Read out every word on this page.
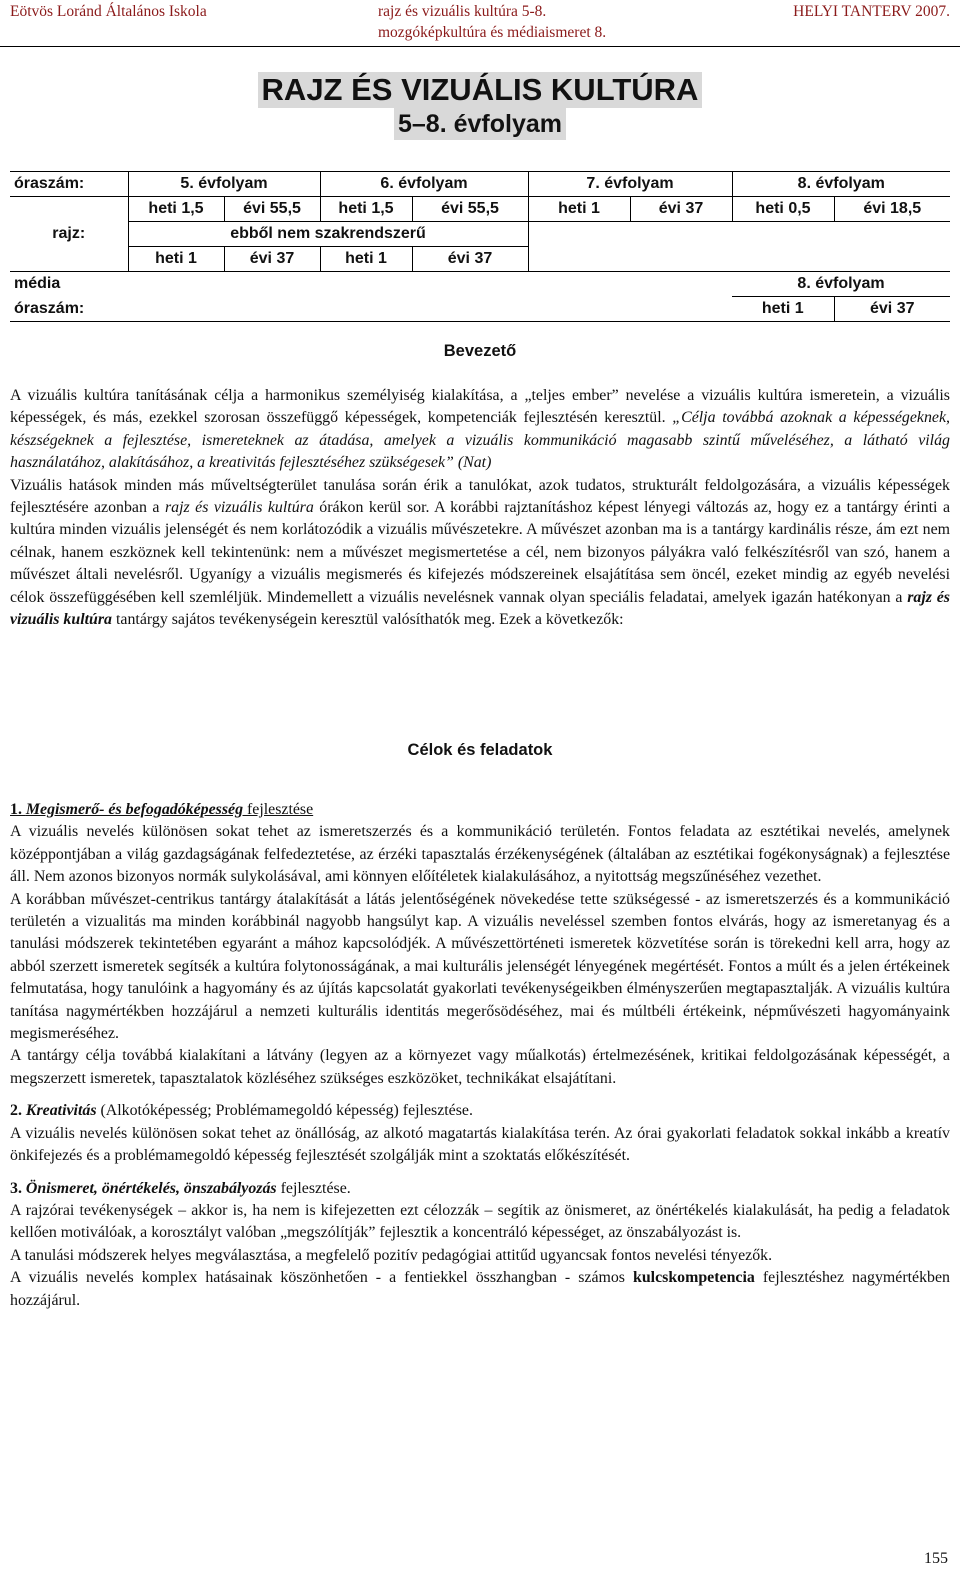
Eötvös Loránd Általános Iskola	rajz és vizuális kultúra 5-8.
mozgóképkultúra és médiaismeret 8.
HELYI TANTERV 2007.
RAJZ ÉS VIZUÁLIS KULTÚRA
5–8. évfolyam
óraszám:	5. évfolyam		6. évfolyam		7. évfolyam		8. évfolyam	
rajz:	heti 1,5	évi 55,5	heti 1,5	évi 55,5	heti 1	évi 37	heti 0,5	évi 18,5
	ebből nem szakrendszerű							
	heti 1	évi 37	heti 1	évi 37				
média							8. évfolyam	
óraszám:							heti 1	évi 37
Bevezető

A vizuális kultúra tanításának célja a harmonikus személyiség kialakítása, a „teljes ember” nevelése a vizuális kultúra ismeretein, a vizuális képességek, és más, ezekkel szorosan összefüggő képességek, kompetenciák fejlesztésén keresztül. „Célja továbbá azoknak a képességeknek, készségeknek a fejlesztése, ismereteknek az átadása, amelyek a vizuális kommunikáció magasabb szintű műveléséhez, a látható világ használatához, alakításához, a kreativitás fejlesztéséhez szükségesek” (Nat)

Vizuális hatások minden más műveltségterület tanulása során érik a tanulókat, azok tudatos, strukturált feldolgozására, a vizuális képességek fejlesztésére azonban a rajz és vizuális kultúra órákon kerül sor. A korábbi rajztanításhoz képest lényegi változás az, hogy ez a tantárgy érinti a kultúra minden vizuális jelenségét és nem korlátozódik a vizuális művészetekre. A művészet azonban ma is a tantárgy kardinális része, ám ezt nem célnak, hanem eszköznek kell tekintenünk: nem a művészet megismertetése a cél, nem bizonyos pályákra való felkészítésről van szó, hanem a művészet általi nevelésről. Ugyanígy a vizuális megismerés és kifejezés módszereinek elsajátítása sem öncél, ezeket mindig az egyéb nevelési célok összefüggésében kell szemléljük. Mindemellett a vizuális nevelésnek vannak olyan speciális feladatai, amelyek igazán hatékonyan a rajz és vizuális kultúra tantárgy sajátos tevékenységein keresztül valósíthatók meg. Ezek a következők:

Célok és feladatok

1. Megismerő- és befogadóképesség fejlesztése

A vizuális nevelés különösen sokat tehet az ismeretszerzés és a kommunikáció területén. Fontos feladata az esztétikai nevelés, amelynek középpontjában a világ gazdagságának felfedeztetése, az érzéki tapasztalás érzékenységének (általában az esztétikai fogékonyságnak) a fejlesztése áll. Nem azonos bizonyos normák sulykolásával, ami könnyen előítéletek kialakulásához, a nyitottság megszűnéséhez vezethet.

A korábban művészet-centrikus tantárgy átalakítását a látás jelentőségének növekedése tette szükségessé - az ismeretszerzés és a kommunikáció területén a vizualitás ma minden korábbinál nagyobb hangsúlyt kap. A vizuális neveléssel szemben fontos elvárás, hogy az ismeretanyag és a tanulási módszerek tekintetében egyaránt a mához kapcsolódjék. A művészettörténeti ismeretek közvetítése során is törekedni kell arra, hogy az abból szerzett ismeretek segítsék a kultúra folytonosságának, a mai kulturális jelenségét lényegének megértését. Fontos a múlt és a jelen értékeinek felmutatása, hogy tanulóink a hagyomány és az újítás kapcsolatát gyakorlati tevékenységeikben élményszerűen megtapasztalják. A vizuális kultúra tanítása nagymértékben hozzájárul a nemzeti kulturális identitás megerősödéséhez, mai és múltbéli értékeink, népművészeti hagyományaink megismeréséhez.

A tantárgy célja továbbá kialakítani a látvány (legyen az a környezet vagy műalkotás) értelmezésének, kritikai feldolgozásának képességét, a megszerzett ismeretek, tapasztalatok közléséhez szükséges eszközöket, technikákat elsajátítani.

2. Kreativitás (Alkotóképesség; Problémamegoldó képesség) fejlesztése.

A vizuális nevelés különösen sokat tehet az önállóság, az alkotó magatartás kialakítása terén. Az órai gyakorlati feladatok sokkal inkább a kreatív önkifejezés és a problémamegoldó képesség fejlesztését szolgálják mint a szoktatás előkészítését.

3. Önismeret, önértékelés, önszabályozás fejlesztése.

A rajzórai tevékenységek – akkor is, ha nem is kifejezetten ezt célozzák – segítik az önismeret, az önértékelés kialakulását, ha pedig a feladatok kellően motiválóak, a korosztályt valóban „megszólítják” fejlesztik a koncentráló képességet, az önszabályozást is.

A tanulási módszerek helyes megválasztása, a megfelelő pozitív pedagógiai attitűd ugyancsak fontos nevelési tényezők.

A vizuális nevelés komplex hatásainak köszönhetően - a fentiekkel összhangban - számos kulcskompetencia fejlesztéshez nagymértékben hozzájárul.

155
